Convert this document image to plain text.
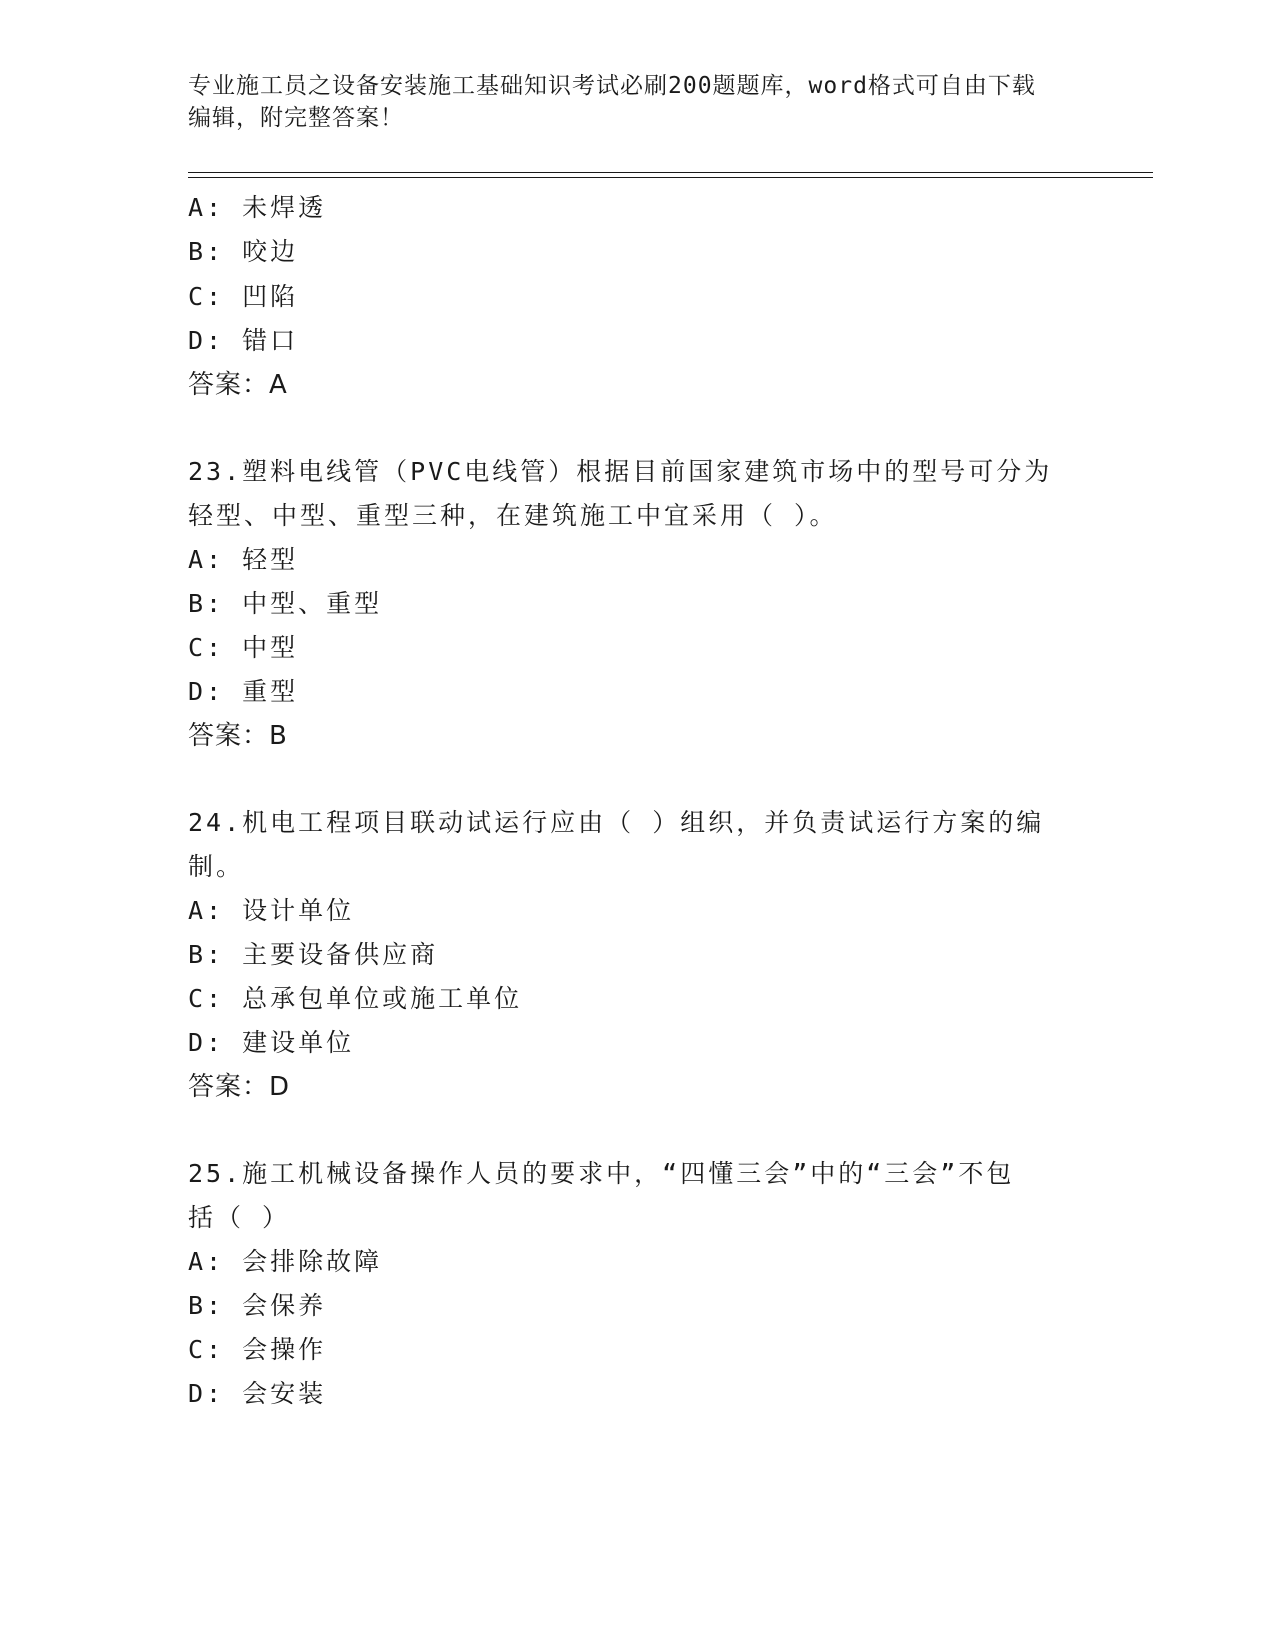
专业施工员之设备安装施工基础知识考试必刷200题题库，word格式可自由下载
编辑，附完整答案！
A: 未焊透
B: 咬边
C: 凹陷
D: 错口
答案：A
23.塑料电线管（PVC电线管）根据目前国家建筑市场中的型号可分为
轻型、中型、重型三种，在建筑施工中宜采用（ ）。
A: 轻型
B: 中型、重型
C: 中型
D: 重型
答案：B
24.机电工程项目联动试运行应由（ ）组织，并负责试运行方案的编
制。
A: 设计单位
B: 主要设备供应商
C: 总承包单位或施工单位
D: 建设单位
答案：D
25.施工机械设备操作人员的要求中，“四懂三会”中的“三会”不包
括（ ）
A: 会排除故障
B: 会保养
C: 会操作
D: 会安装
